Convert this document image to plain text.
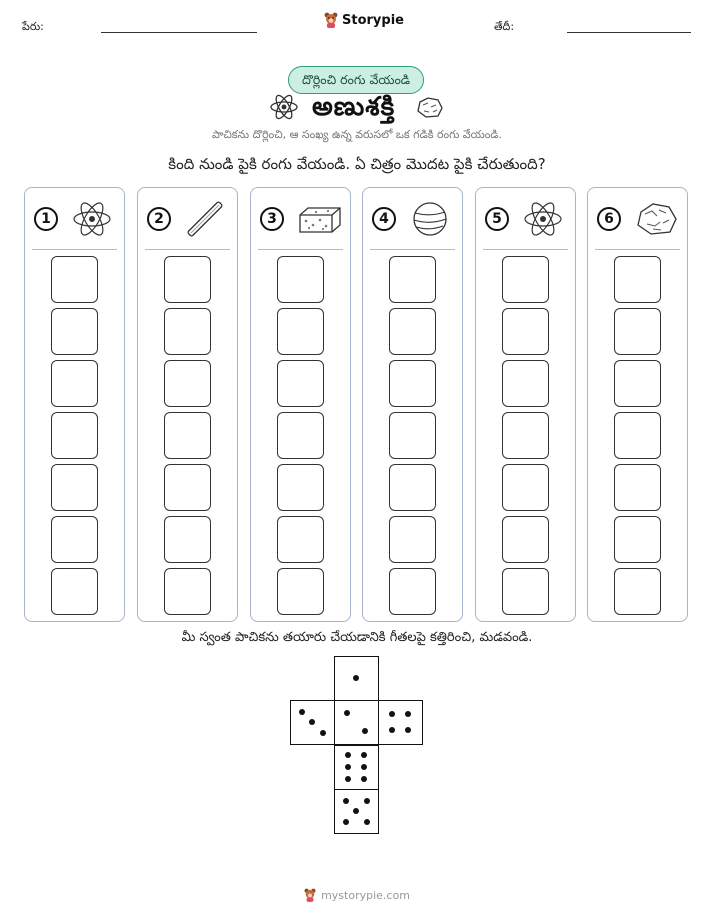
పేరు:	Storypie	తేదీ:
దొర్లించి రంగు వేయండి
అణుశక్తి
పాచికను దొర్లించి, ఆ సంఖ్య ఉన్న వరుసలో ఒక గడికి రంగు వేయండి.
కింది నుండి పైకి రంగు వేయండి. ఏ చిత్రం మొదట పైకి చేరుతుంది?
1	2	3	4	5	6
మీ స్వంత పాచికను తయారు చేయడానికి గీతలపై కత్తిరించి, మడవండి.
mystorypie.com
